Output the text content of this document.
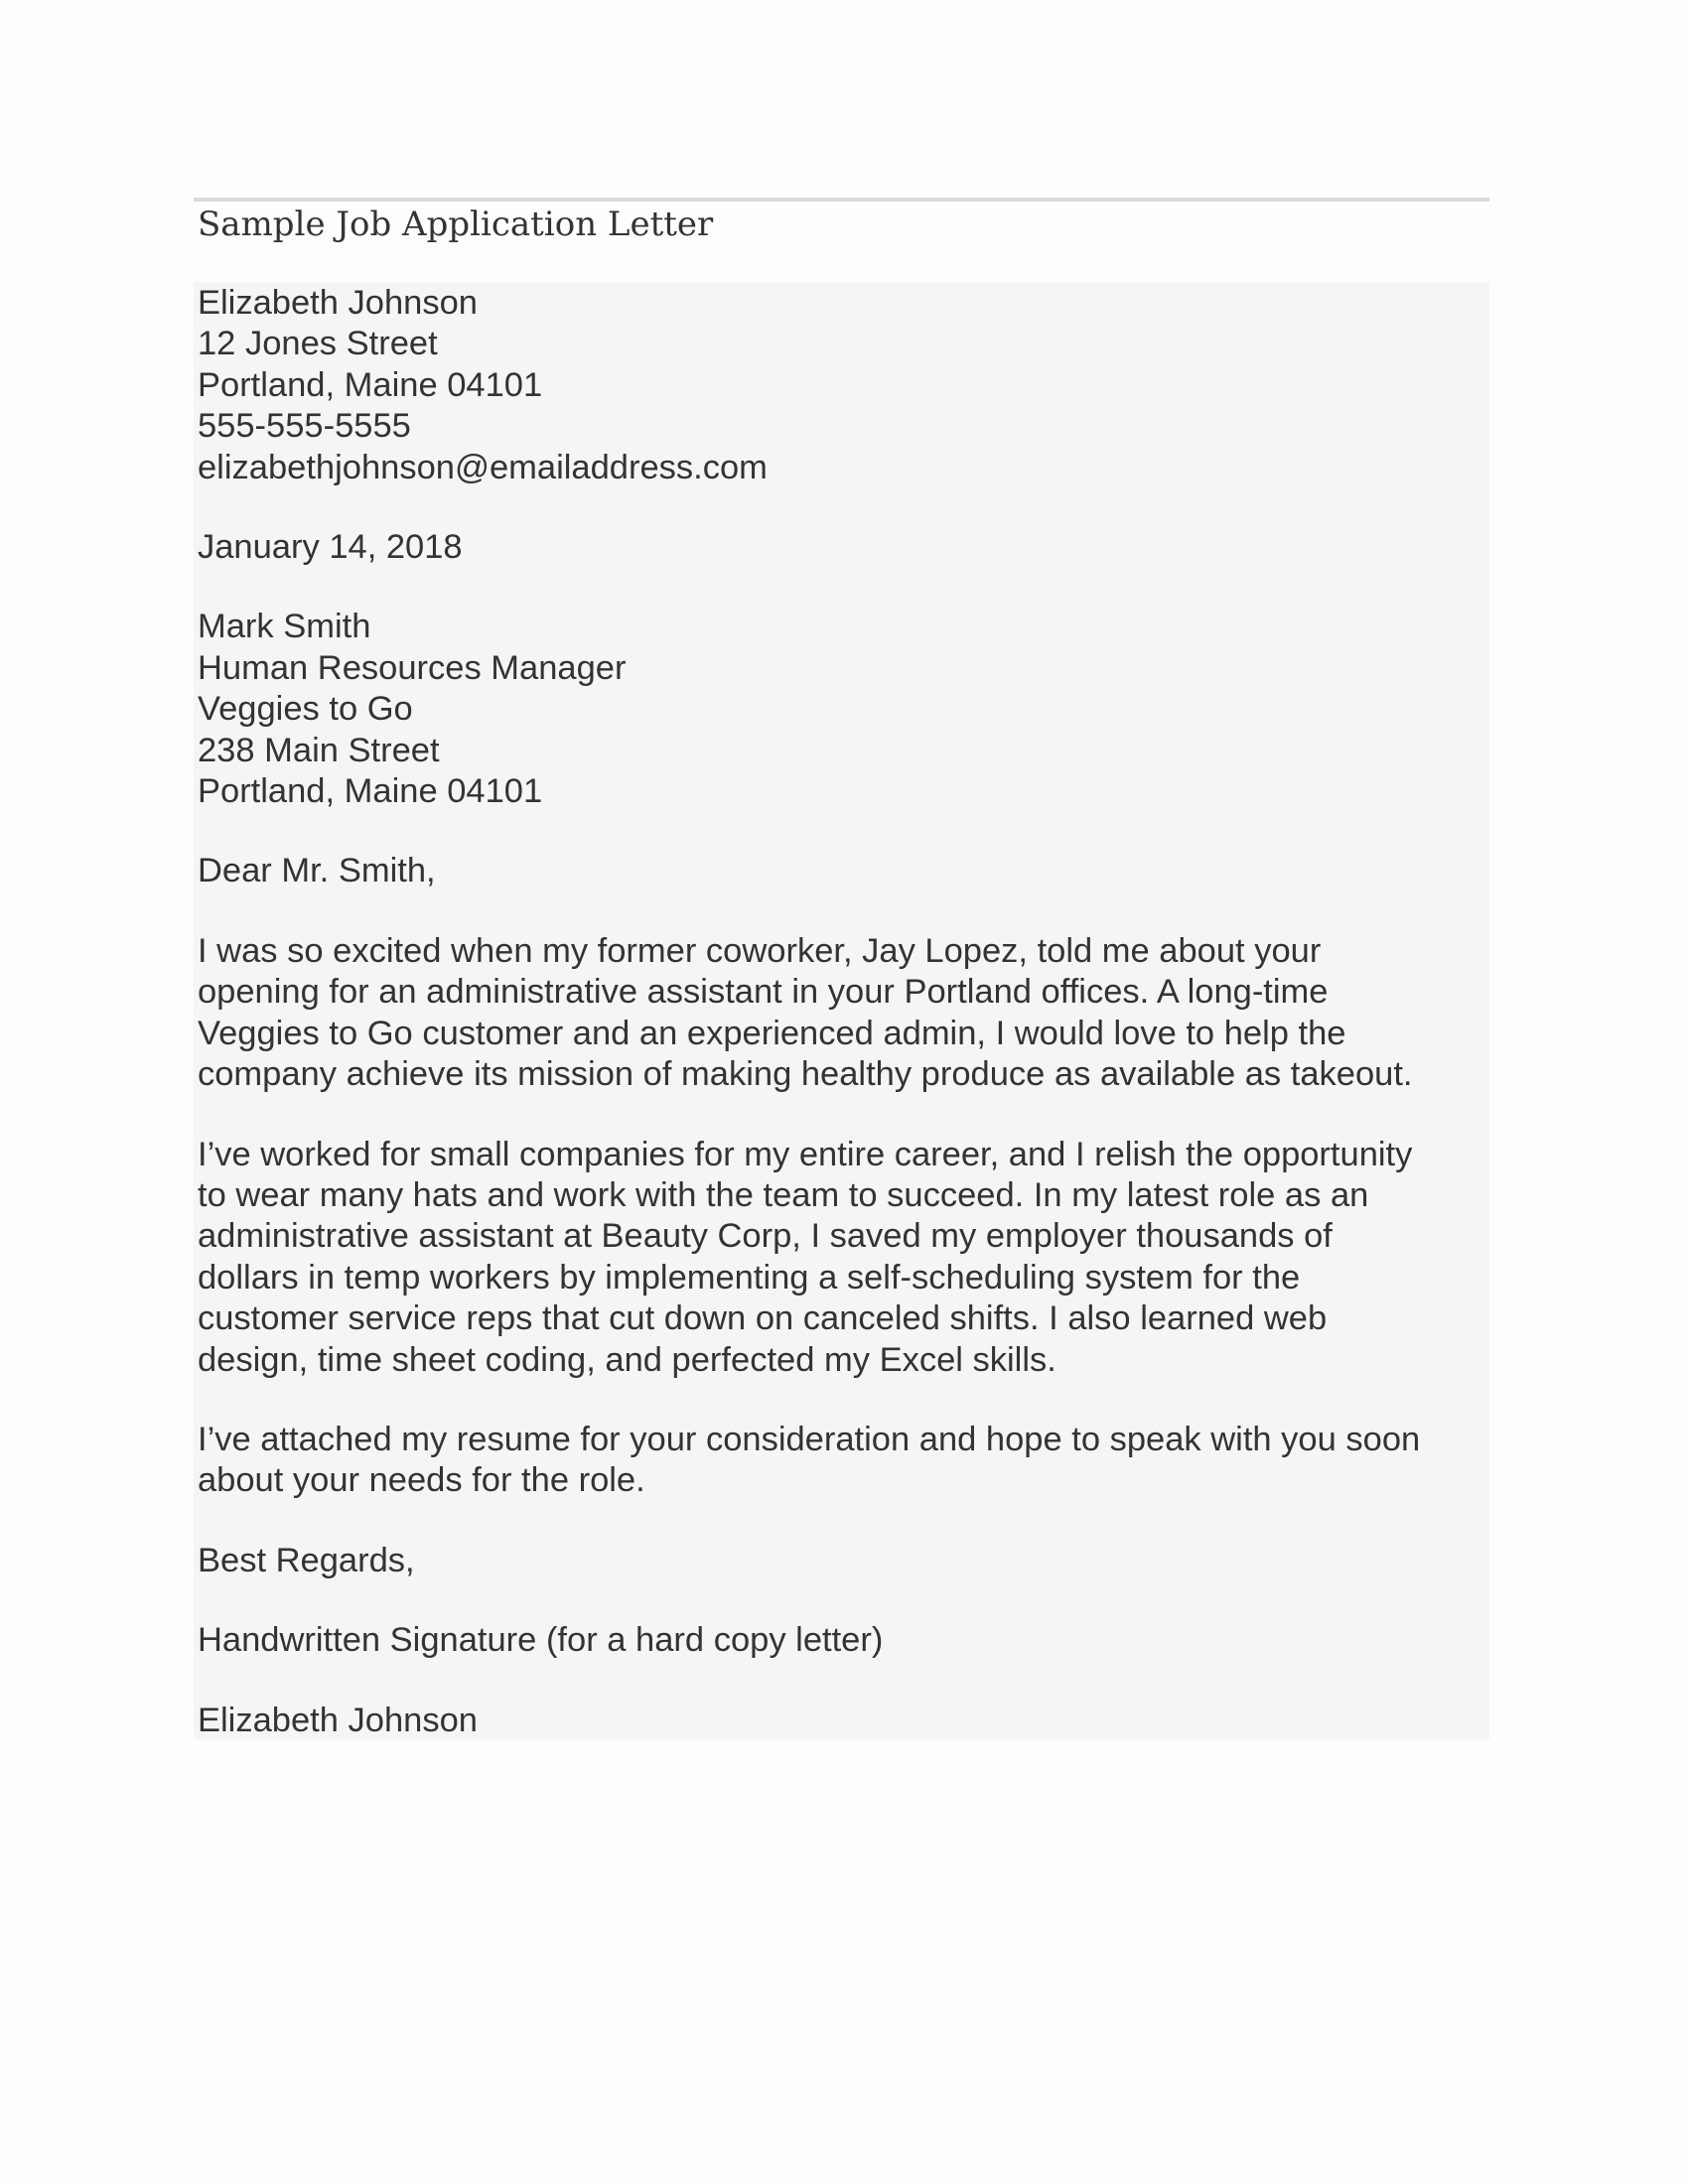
Sample Job Application Letter

Elizabeth Johnson

12 Jones Street

Portland, Maine 04101

555-555-5555

elizabethjohnson@emailaddress.com

January 14, 2018

Mark Smith

Human Resources Manager

Veggies to Go

238 Main Street

Portland, Maine 04101

Dear Mr. Smith,

I was so excited when my former coworker, Jay Lopez, told me about your
opening for an administrative assistant in your Portland offices. A long-time
Veggies to Go customer and an experienced admin, I would love to help the
company achieve its mission of making healthy produce as available as takeout.

I’ve worked for small companies for my entire career, and I relish the opportunity
to wear many hats and work with the team to succeed. In my latest role as an
administrative assistant at Beauty Corp, I saved my employer thousands of
dollars in temp workers by implementing a self-scheduling system for the
customer service reps that cut down on canceled shifts. I also learned web
design, time sheet coding, and perfected my Excel skills.

I’ve attached my resume for your consideration and hope to speak with you soon
about your needs for the role.

Best Regards,

Handwritten Signature (for a hard copy letter)

Elizabeth Johnson
